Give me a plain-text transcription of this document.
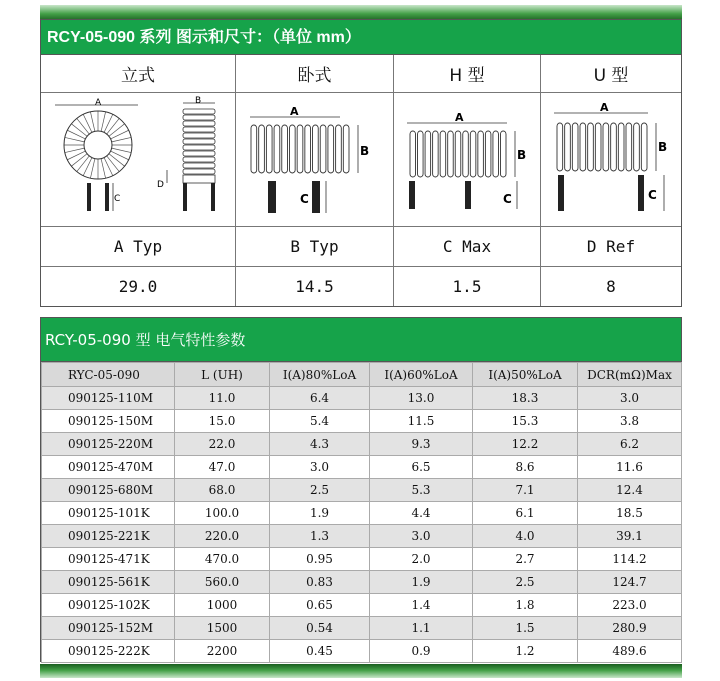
RCY-05-090 系列 图示和尺寸：（单位 mm）
立式	卧式	H 型	U 型
A
C
B
D
A
B
C
A
B
C
A
B
C
A Typ	B Typ	C Max	D Ref
29.0	14.5	1.5	8
RCY-05-090 型 电气特性参数
RYC-05-090	L (UH)	I(A)80%LoA	I(A)60%LoA	I(A)50%LoA	DCR(mΩ)Max
090125-110M	11.0	6.4	13.0	18.3	3.0
090125-150M	15.0	5.4	11.5	15.3	3.8
090125-220M	22.0	4.3	9.3	12.2	6.2
090125-470M	47.0	3.0	6.5	8.6	11.6
090125-680M	68.0	2.5	5.3	7.1	12.4
090125-101K	100.0	1.9	4.4	6.1	18.5
090125-221K	220.0	1.3	3.0	4.0	39.1
090125-471K	470.0	0.95	2.0	2.7	114.2
090125-561K	560.0	0.83	1.9	2.5	124.7
090125-102K	1000	0.65	1.4	1.8	223.0
090125-152M	1500	0.54	1.1	1.5	280.9
090125-222K	2200	0.45	0.9	1.2	489.6
